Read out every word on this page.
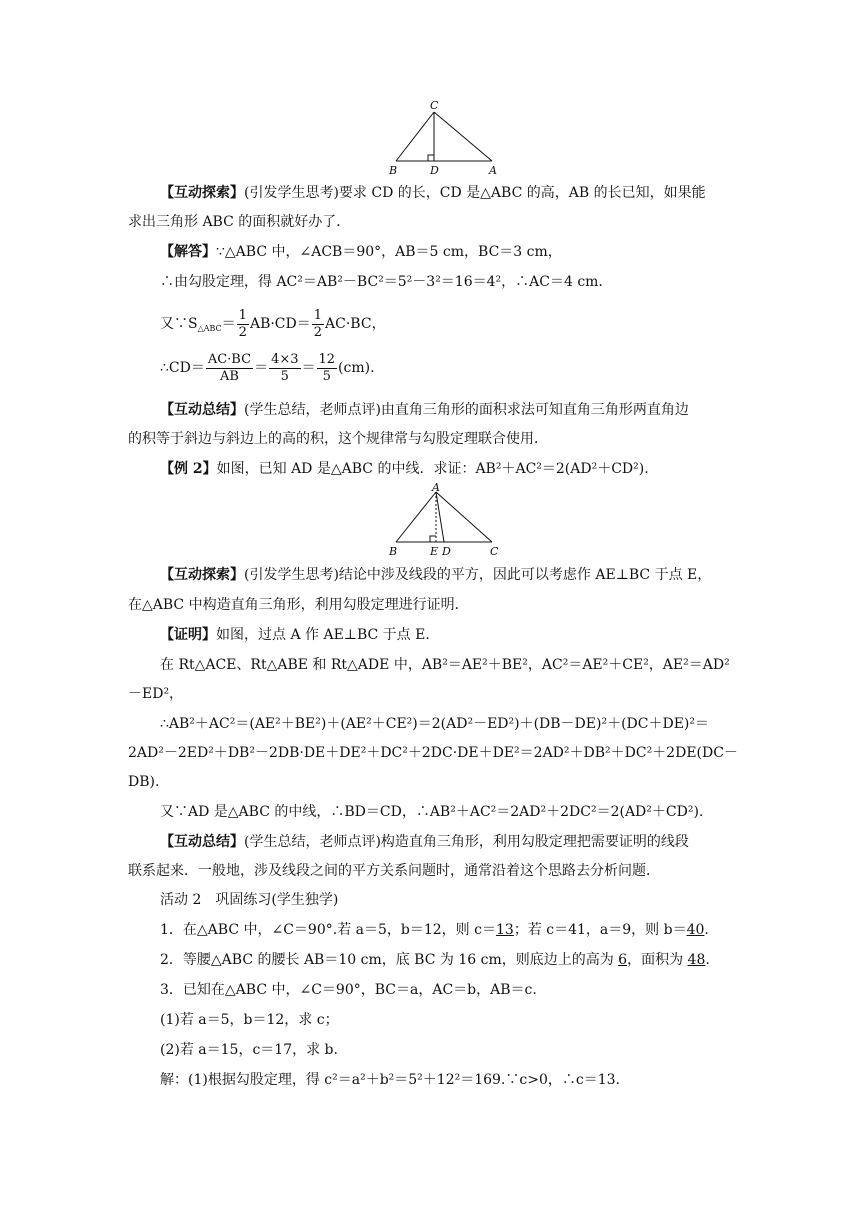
C
B	D	A
【互动探索】(引发学生思考)要求 CD 的长，CD 是△ABC 的高，AB 的长已知，如果能
求出三角形 ABC 的面积就好办了．
【解答】∵△ABC 中，∠ACB＝90°，AB＝5 cm，BC＝3 cm，
∴由勾股定理，得 AC²＝AB²－BC²＝5²－3²＝16＝4²，∴AC＝4 cm.
又$\because S_{\triangle ABC}= \frac{1}{2} AB\cdot CD= \frac{1}{2} AC\cdot BC$，
∴CD＝ $\frac{AC\cdot BC}{AB} = \frac{4\times 3}{5} = \frac{12}{5} (cm)$.
【互动总结】(学生总结，老师点评)由直角三角形的面积求法可知直角三角形两直角边
的积等于斜边与斜边上的高的积，这个规律常与勾股定理联合使用．
【例 2】如图，已知 AD 是△ABC 的中线．求证：AB²＋AC²＝2(AD²＋CD²).
A
B	E D	C
【互动探索】(引发学生思考)结论中涉及线段的平方，因此可以考虑作 AE⊥BC 于点 E，
在△ABC 中构造直角三角形，利用勾股定理进行证明．
【证明】如图，过点 A 作 AE⊥BC 于点 E.
在 Rt△ACE、Rt△ABE 和 Rt△ADE 中，AB²＝AE²＋BE²，AC²＝AE²＋CE²，AE²＝AD²
－ED²，
∴AB²＋AC²＝(AE²＋BE²)＋(AE²＋CE²)＝2(AD²－ED²)＋(DB－DE)²＋(DC＋DE)²＝
2AD²－2ED²＋DB²－2DB·DE＋DE²＋DC²＋2DC·DE＋DE²＝2AD²＋DB²＋DC²＋2DE(DC－
DB).
又∵AD 是△ABC 的中线，∴BD＝CD，∴AB²＋AC²＝2AD²＋2DC²＝2(AD²＋CD²).
【互动总结】(学生总结，老师点评)构造直角三角形，利用勾股定理把需要证明的线段
联系起来．一般地，涉及线段之间的平方关系问题时，通常沿着这个思路去分析问题．
活动 2　巩固练习(学生独学)
1．在△ABC 中，∠C＝90°.若 a＝5，b＝12，则 c＝13；若 c＝41，a＝9，则 b＝40.
2．等腰△ABC 的腰长 AB＝10 cm，底 BC 为 16 cm，则底边上的高为 6，面积为 48.
3．已知在△ABC 中，∠C＝90°，BC＝a，AC＝b，AB＝c.
(1)若 a＝5，b＝12，求 c；
(2)若 a＝15，c＝17，求 b.
解：(1)根据勾股定理，得 c²＝a²＋b²＝5²＋12²＝169.∵c>0，∴c＝13.
